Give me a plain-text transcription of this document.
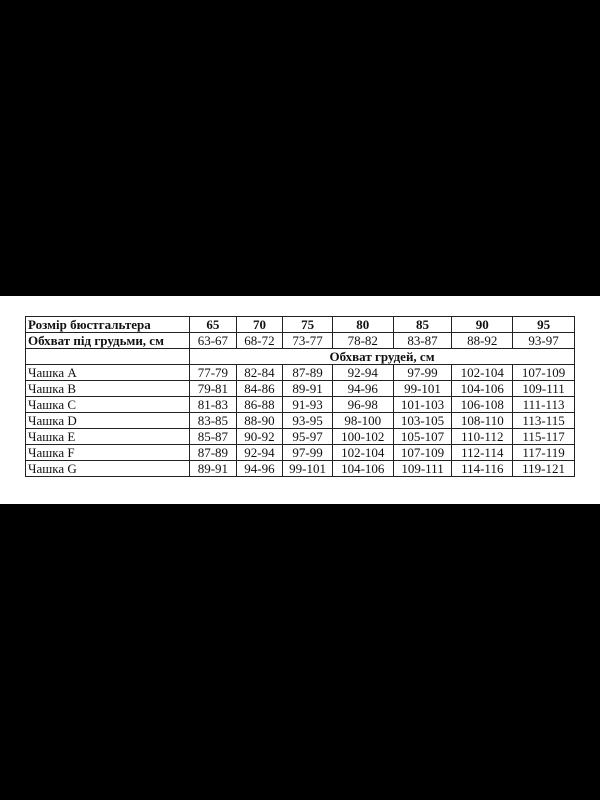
Розмір бюстгальтера	65	70	75	80	85	90	95
Обхват під грудьми, см	63-67	68-72	73-77	78-82	83-87	88-92	93-97
	Обхват грудей, см						
Чашка A	77-79	82-84	87-89	92-94	97-99	102-104	107-109
Чашка B	79-81	84-86	89-91	94-96	99-101	104-106	109-111
Чашка C	81-83	86-88	91-93	96-98	101-103	106-108	111-113
Чашка D	83-85	88-90	93-95	98-100	103-105	108-110	113-115
Чашка E	85-87	90-92	95-97	100-102	105-107	110-112	115-117
Чашка F	87-89	92-94	97-99	102-104	107-109	112-114	117-119
Чашка G	89-91	94-96	99-101	104-106	109-111	114-116	119-121
